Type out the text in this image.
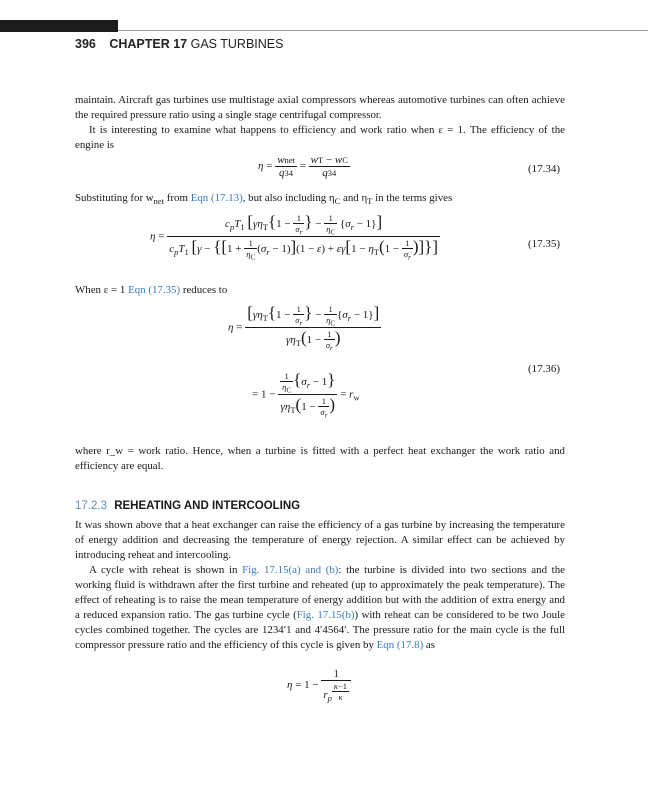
396 CHAPTER 17 GAS TURBINES

maintain. Aircraft gas turbines use multistage axial compressors whereas automotive turbines can often achieve the required pressure ratio using a single stage centrifugal compressor.

It is interesting to examine what happens to efficiency and work ratio when ε = 1. The efficiency of the engine is

$\eta = \frac{\text{wnet}}{q34} = \frac{wT - wC}{q34}$	(17.34)

Substituting for $w_{net}$ from Eqn (17.13), but also including $\eta_C$ and $\eta_T$ in the terms gives

$\eta = \frac{c_pT_1 [\gamma\eta_T\{1 - \frac{1}{\sigma_r} \} - \frac{1}{\eta_C} \{\sigma_r - 1\}]}{c_pT_1 [\gamma - \{[1 + \frac{1}{\eta_C} (\sigma_r - 1)](1 - \varepsilon) + \varepsilon\gamma[1 - \eta_T(1 - \frac{1}{\sigma_r} )]\}]}$	(17.35)

When ε = 1 Eqn (17.35) reduces to

$\eta = \frac{[\gamma\eta_T\{1 - \frac{1}{\sigma_r} \} - \frac{1}{\eta_C} \{\sigma_r - 1\}]}{\gamma\eta_T(1 - \frac{1}{\sigma_r} )}$
(17.36)
= $1 - \frac{\frac{1}{\eta_C} \{\sigma_r - 1\}}{\gamma\eta_T(1 - \frac{1}{\sigma_r} )} = r_w$

where r_w = work ratio. Hence, when a turbine is fitted with a perfect heat exchanger the work ratio and efficiency are equal.

17.2.3 REHEATING AND INTERCOOLING

It was shown above that a heat exchanger can raise the efficiency of a gas turbine by increasing the temperature of energy addition and decreasing the temperature of energy rejection. A similar effect can be achieved by introducing reheat and intercooling.

A cycle with reheat is shown in Fig. 17.15(a) and (b): the turbine is divided into two sections and the working fluid is withdrawn after the first turbine and reheated (up to approximately the peak temperature). The effect of reheating is to raise the mean temperature of energy addition but with the addition of extra energy and a reduced expansion ratio. The gas turbine cycle (Fig. 17.15(b)) with reheat can be considered to be two Joule cycles combined together. The cycles are 1234′1 and 4′4564′. The pressure ratio for the main cycle is the full compressor pressure ratio and the efficiency of this cycle is given by Eqn (17.8) as

η = 1 − 1
$r_p$ $^{\frac{\kappa-1}{\kappa}}$
